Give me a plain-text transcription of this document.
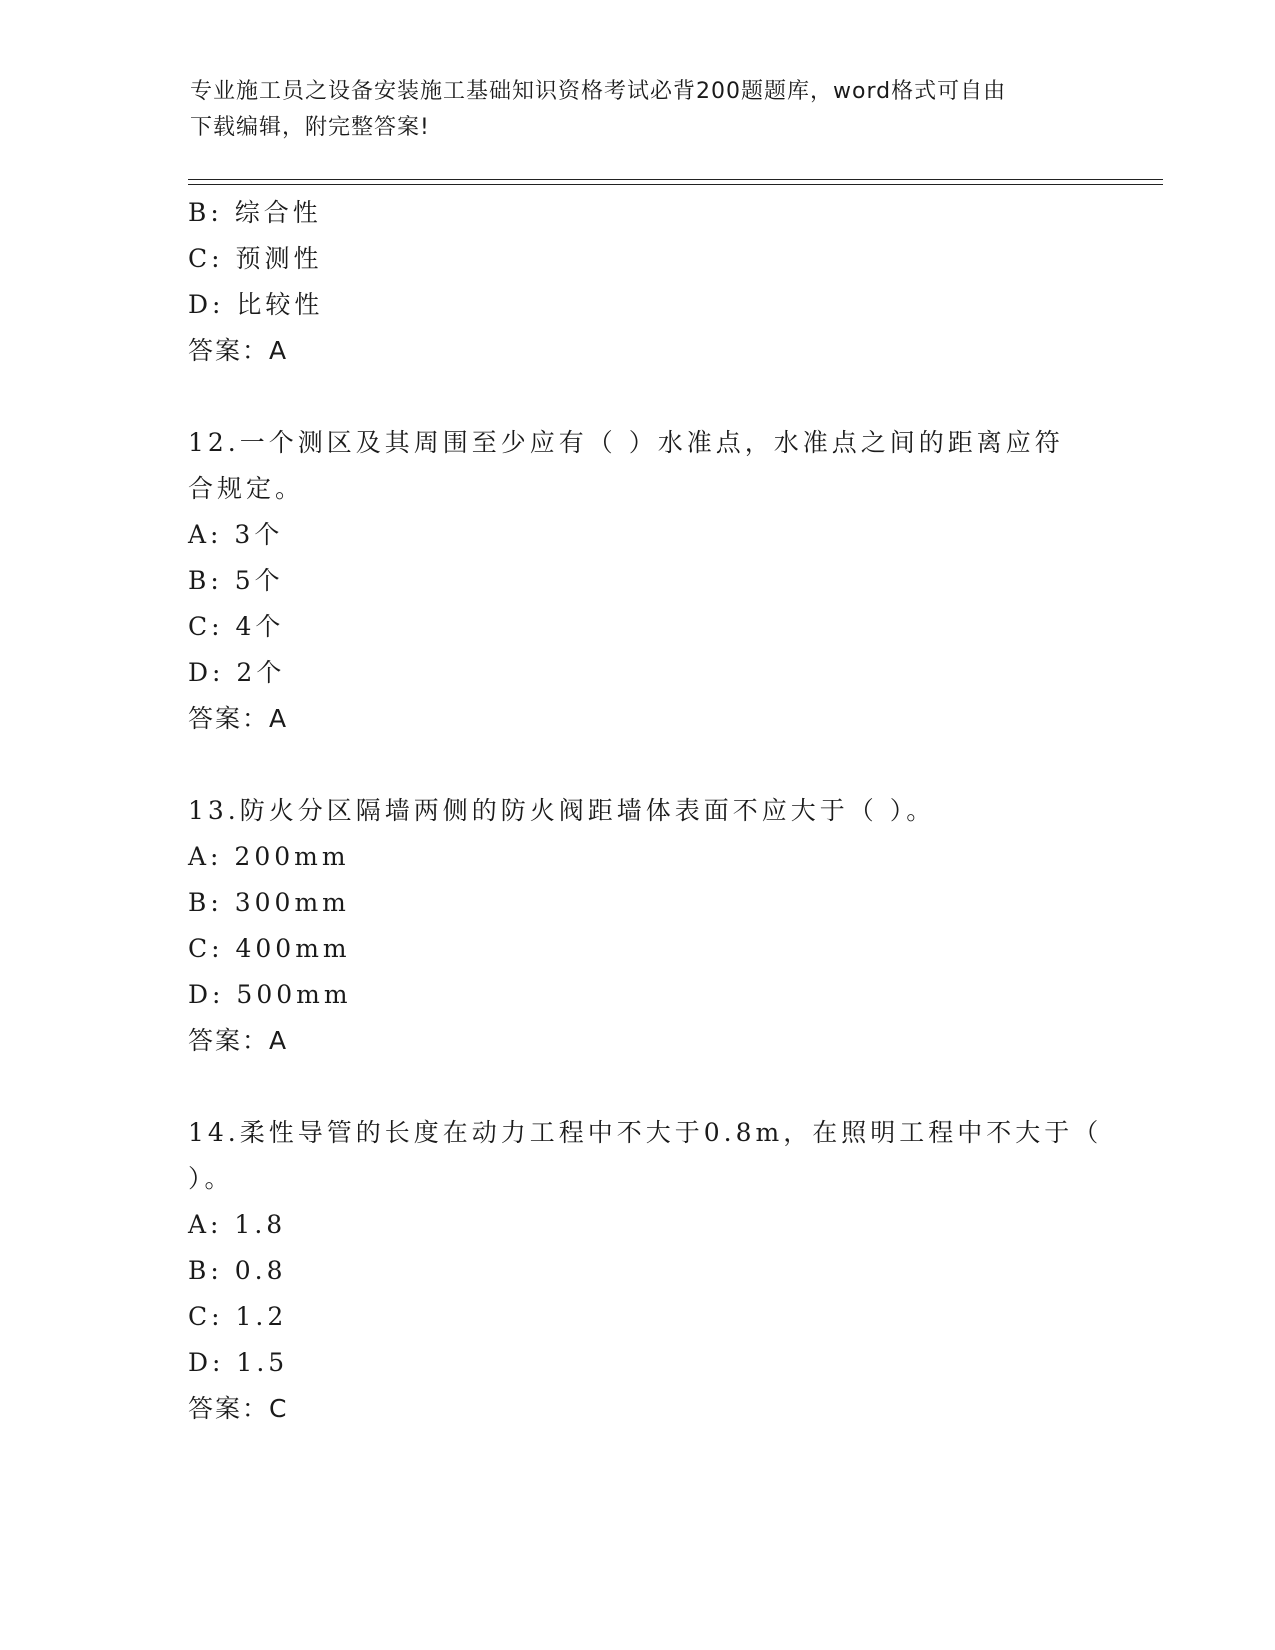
专业施工员之设备安装施工基础知识资格考试必背200题题库，word格式可自由
下载编辑，附完整答案!
B: 综合性
C: 预测性
D: 比较性
答案：A
12.一个测区及其周围至少应有（ ）水准点，水准点之间的距离应符
合规定。
A: 3个
B: 5个
C: 4个
D: 2个
答案：A
13.防火分区隔墙两侧的防火阀距墙体表面不应大于（ ）。
A: 200mm
B: 300mm
C: 400mm
D: 500mm
答案：A
14.柔性导管的长度在动力工程中不大于0.8m，在照明工程中不大于（
）。
A: 1.8
B: 0.8
C: 1.2
D: 1.5
答案：C
